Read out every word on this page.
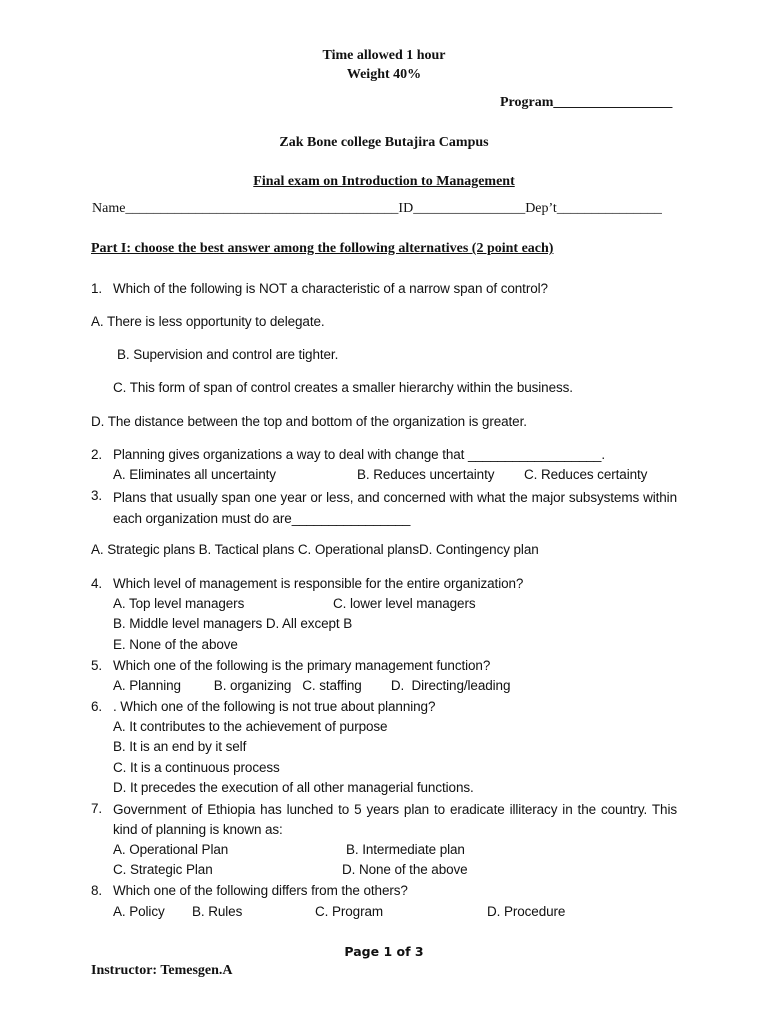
Time allowed 1 hour
Weight 40%
Program_________________
Zak Bone college Butajira Campus
Final exam on Introduction to Management
Name_______________________________________ID________________Dep’t_______________
Part I: choose the best answer among the following alternatives (2 point each)
1. Which of the following is NOT a characteristic of a narrow span of control?
A. There is less opportunity to delegate.
B. Supervision and control are tighter.
C. This form of span of control creates a smaller hierarchy within the business.
D. The distance between the top and bottom of the organization is greater.
2. Planning gives organizations a way to deal with change that __________________.
A. Eliminates all uncertainty	B. Reduces uncertainty C. Reduces certainty
3. Plans that usually span one year or less, and concerned with what the major subsystems within each organization must do are________________
A. Strategic plans B. Tactical plans C. Operational plansD. Contingency plan
4. Which level of management is responsible for the entire organization?
A. Top level managers	C. lower level managers
B. Middle level managers D. All except B
E. None of the above
5. Which one of the following is the primary management function?
A. Planning         B. organizing   C. staffing        D.  Directing/leading
6. . Which one of the following is not true about planning?
A. It contributes to the achievement of purpose
B. It is an end by it self
C. It is a continuous process
D. It precedes the execution of all other managerial functions.
7. Government of Ethiopia has lunched to 5 years plan to eradicate illiteracy in the country. This kind of planning is known as:
A. Operational Plan	B. Intermediate plan
C. Strategic Plan	D. None of the above
8. Which one of the following differs from the others?
A. Policy B. Rules	C. Program	D. Procedure
Page 1 of 3
Instructor: Temesgen.A
